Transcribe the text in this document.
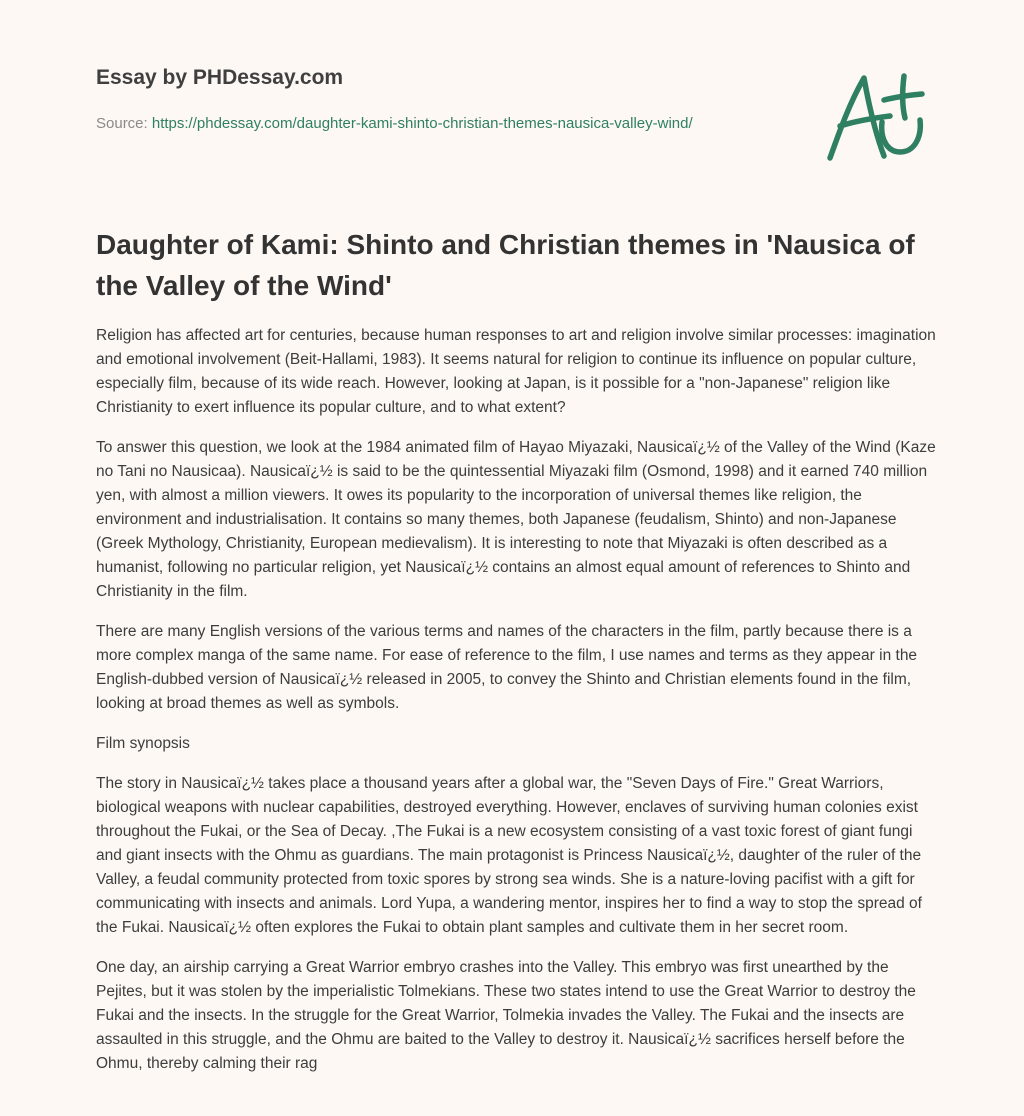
Essay by PHDessay.com
Source: https://phdessay.com/daughter-kami-shinto-christian-themes-nausica-valley-wind/
Daughter of Kami: Shinto and Christian themes in 'Nausica of the Valley of the Wind'

Religion has affected art for centuries, because human responses to art and religion involve similar processes: imagination and emotional involvement (Beit-Hallami, 1983). It seems natural for religion to continue its influence on popular culture, especially film, because of its wide reach. However, looking at Japan, is it possible for a "non-Japanese" religion like Christianity to exert influence its popular culture, and to what extent?

To answer this question, we look at the 1984 animated film of Hayao Miyazaki, Nausicaï¿½ of the Valley of the Wind (Kaze no Tani no Nausicaa). Nausicaï¿½ is said to be the quintessential Miyazaki film (Osmond, 1998) and it earned 740 million yen, with almost a million viewers. It owes its popularity to the incorporation of universal themes like religion, the environment and industrialisation. It contains so many themes, both Japanese (feudalism, Shinto) and non-Japanese (Greek Mythology, Christianity, European medievalism). It is interesting to note that Miyazaki is often described as a humanist, following no particular religion, yet Nausicaï¿½ contains an almost equal amount of references to Shinto and Christianity in the film.

There are many English versions of the various terms and names of the characters in the film, partly because there is a more complex manga of the same name. For ease of reference to the film, I use names and terms as they appear in the English-dubbed version of Nausicaï¿½ released in 2005, to convey the Shinto and Christian elements found in the film, looking at broad themes as well as symbols.

Film synopsis

The story in Nausicaï¿½ takes place a thousand years after a global war, the "Seven Days of Fire." Great Warriors, biological weapons with nuclear capabilities, destroyed everything. However, enclaves of surviving human colonies exist throughout the Fukai, or the Sea of Decay. ,The Fukai is a new ecosystem consisting of a vast toxic forest of giant fungi and giant insects with the Ohmu as guardians. The main protagonist is Princess Nausicaï¿½, daughter of the ruler of the Valley, a feudal community protected from toxic spores by strong sea winds. She is a nature-loving pacifist with a gift for communicating with insects and animals. Lord Yupa, a wandering mentor, inspires her to find a way to stop the spread of the Fukai. Nausicaï¿½ often explores the Fukai to obtain plant samples and cultivate them in her secret room.

One day, an airship carrying a Great Warrior embryo crashes into the Valley. This embryo was first unearthed by the Pejites, but it was stolen by the imperialistic Tolmekians. These two states intend to use the Great Warrior to destroy the Fukai and the insects. In the struggle for the Great Warrior, Tolmekia invades the Valley. The Fukai and the insects are assaulted in this struggle, and the Ohmu are baited to the Valley to destroy it. Nausicaï¿½ sacrifices herself before the Ohmu, thereby calming their rag
